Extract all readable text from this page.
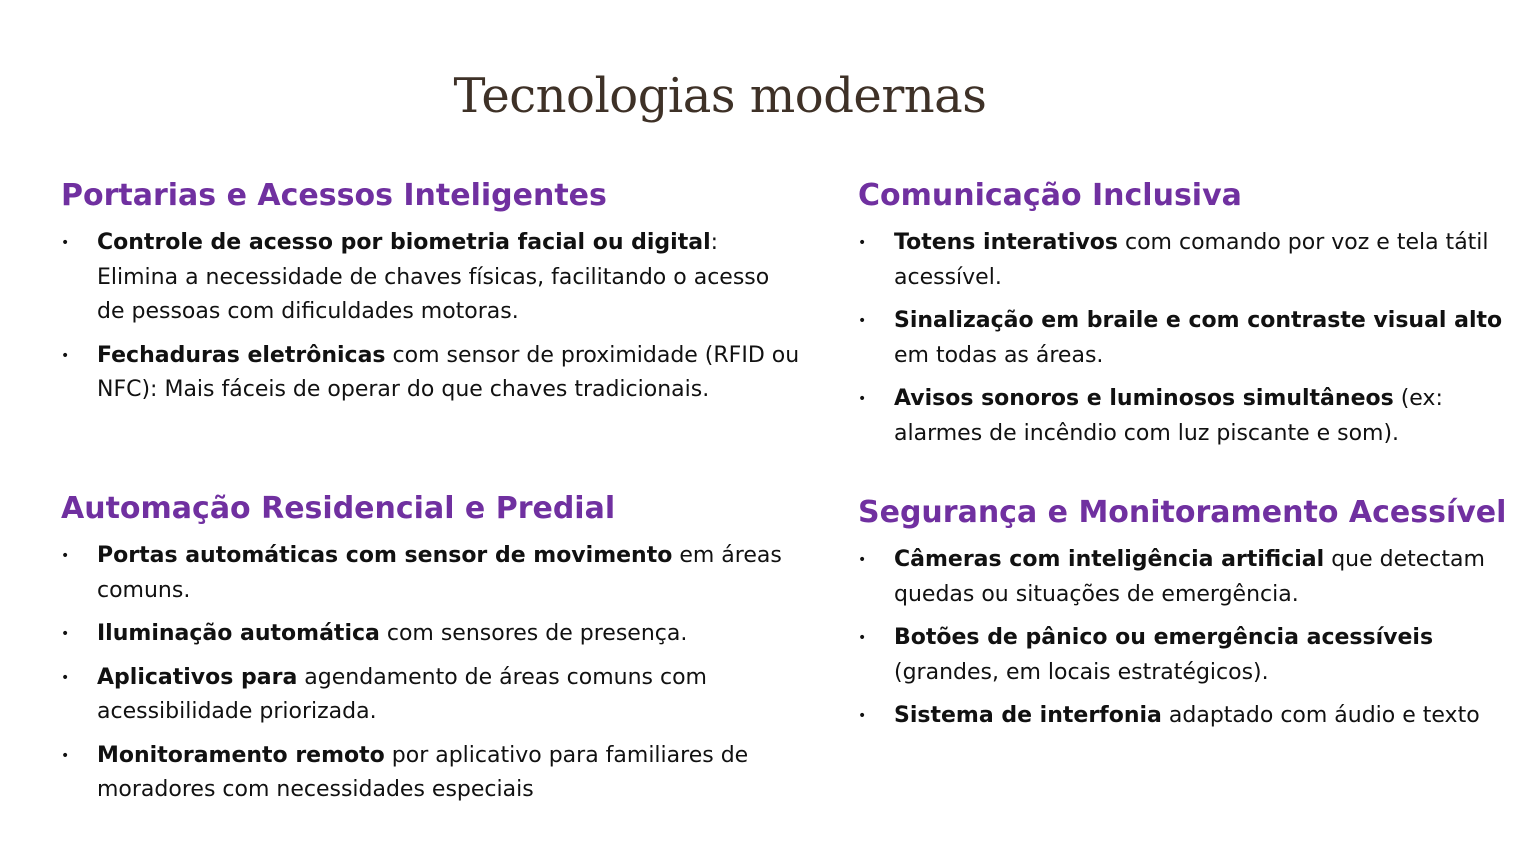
Tecnologias modernas
Portarias e Acessos Inteligentes
• Controle de acesso por biometria facial ou digital: Elimina a necessidade de chaves físicas, facilitando o acesso de pessoas com dificuldades motoras.
• Fechaduras eletrônicas com sensor de proximidade (RFID ou NFC): Mais fáceis de operar do que chaves tradicionais.
Comunicação Inclusiva
• Totens interativos com comando por voz e tela tátil acessível.
• Sinalização em braile e com contraste visual alto em todas as áreas.
• Avisos sonoros e luminosos simultâneos (ex: alarmes de incêndio com luz piscante e som).
Automação Residencial e Predial
• Portas automáticas com sensor de movimento em áreas comuns.
• Iluminação automática com sensores de presença.
• Aplicativos para agendamento de áreas comuns com acessibilidade priorizada.
• Monitoramento remoto por aplicativo para familiares de moradores com necessidades especiais
Segurança e Monitoramento Acessível
• Câmeras com inteligência artificial que detectam quedas ou situações de emergência.
• Botões de pânico ou emergência acessíveis (grandes, em locais estratégicos).
• Sistema de interfonia adaptado com áudio e texto
